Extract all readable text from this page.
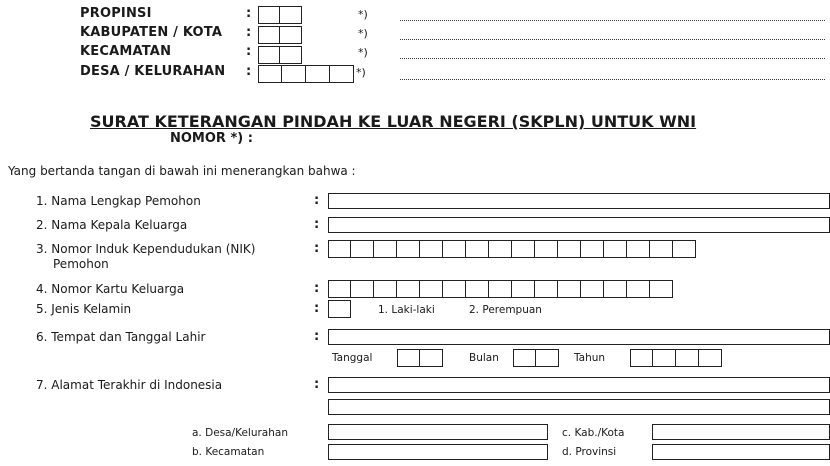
PROPINSI	:	*)
KABUPATEN / KOTA :	*)
KECAMATAN	:	*)
DESA / KELURAHAN :	*)
SURAT KETERANGAN PINDAH KE LUAR NEGERI (SKPLN) UNTUK WNI
NOMOR *) :
Yang bertanda tangan di bawah ini menerangkan bahwa :
1. Nama Lengkap Pemohon	:
2. Nama Kepala Keluarga	:
3. Nomor Induk Kependudukan (NIK)
Pemohon
:
4. Nomor Kartu Keluarga	:
5. Jenis Kelamin	:	1. Laki-laki	2. Perempuan
6. Tempat dan Tanggal Lahir	:
Tanggal	Bulan	Tahun
7. Alamat Terakhir di Indonesia	:
a. Desa/Kelurahan	c. Kab./Kota
b. Kecamatan	d. Provinsi
